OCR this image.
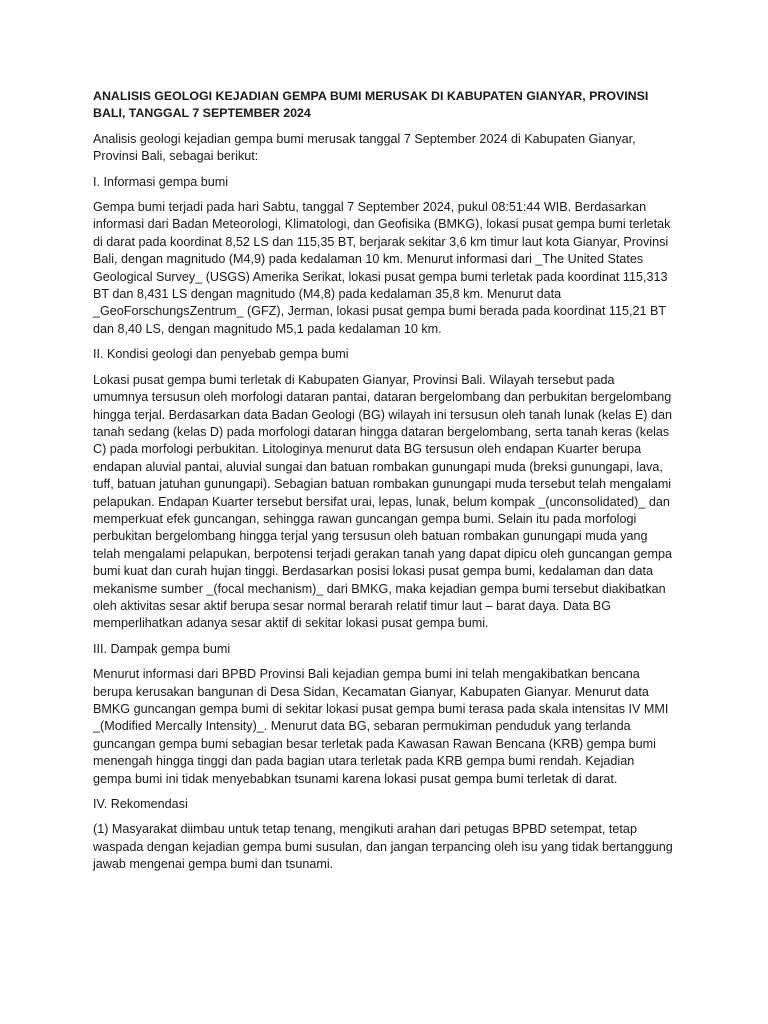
ANALISIS GEOLOGI KEJADIAN GEMPA BUMI MERUSAK DI KABUPATEN GIANYAR, PROVINSI BALI, TANGGAL 7 SEPTEMBER 2024

Analisis geologi kejadian gempa bumi merusak tanggal 7 September 2024 di Kabupaten Gianyar, Provinsi Bali, sebagai berikut:

I. Informasi gempa bumi

Gempa bumi terjadi pada hari Sabtu, tanggal 7 September 2024, pukul 08:51:44 WIB. Berdasarkan informasi dari Badan Meteorologi, Klimatologi, dan Geofisika (BMKG), lokasi pusat gempa bumi terletak di darat pada koordinat 8,52 LS dan 115,35 BT, berjarak sekitar 3,6 km timur laut kota Gianyar, Provinsi Bali, dengan magnitudo (M4,9) pada kedalaman 10 km. Menurut informasi dari _The United States Geological Survey_ (USGS) Amerika Serikat, lokasi pusat gempa bumi terletak pada koordinat 115,313 BT dan 8,431 LS dengan magnitudo (M4,8) pada kedalaman 35,8 km. Menurut data _GeoForschungsZentrum_ (GFZ), Jerman, lokasi pusat gempa bumi berada pada koordinat 115,21 BT dan 8,40 LS, dengan magnitudo M5,1 pada kedalaman 10 km.

II. Kondisi geologi dan penyebab gempa bumi

Lokasi pusat gempa bumi terletak di Kabupaten Gianyar, Provinsi Bali. Wilayah tersebut pada umumnya tersusun oleh morfologi dataran pantai, dataran bergelombang dan perbukitan bergelombang hingga terjal. Berdasarkan data Badan Geologi (BG) wilayah ini tersusun oleh tanah lunak (kelas E) dan tanah sedang (kelas D) pada morfologi dataran hingga dataran bergelombang, serta tanah keras (kelas C) pada morfologi perbukitan. Litologinya menurut data BG tersusun oleh endapan Kuarter berupa endapan aluvial pantai, aluvial sungai dan batuan rombakan gunungapi muda (breksi gunungapi, lava, tuff, batuan jatuhan gunungapi). Sebagian batuan rombakan gunungapi muda tersebut telah mengalami pelapukan. Endapan Kuarter tersebut bersifat urai, lepas, lunak, belum kompak _(unconsolidated)_ dan memperkuat efek guncangan, sehingga rawan guncangan gempa bumi. Selain itu pada morfologi perbukitan bergelombang hingga terjal yang tersusun oleh batuan rombakan gunungapi muda yang telah mengalami pelapukan, berpotensi terjadi gerakan tanah yang dapat dipicu oleh guncangan gempa bumi kuat dan curah hujan tinggi. Berdasarkan posisi lokasi pusat gempa bumi, kedalaman dan data mekanisme sumber _(focal mechanism)_ dari BMKG, maka kejadian gempa bumi tersebut diakibatkan oleh aktivitas sesar aktif berupa sesar normal berarah relatif timur laut – barat daya. Data BG memperlihatkan adanya sesar aktif di sekitar lokasi pusat gempa bumi.

III. Dampak gempa bumi

Menurut informasi dari BPBD Provinsi Bali kejadian gempa bumi ini telah mengakibatkan bencana berupa kerusakan bangunan di Desa Sidan, Kecamatan Gianyar, Kabupaten Gianyar. Menurut data BMKG guncangan gempa bumi di sekitar lokasi pusat gempa bumi terasa pada skala intensitas IV MMI _(Modified Mercally Intensity)_. Menurut data BG, sebaran permukiman penduduk yang terlanda guncangan gempa bumi sebagian besar terletak pada Kawasan Rawan Bencana (KRB) gempa bumi menengah hingga tinggi dan pada bagian utara terletak pada KRB gempa bumi rendah. Kejadian gempa bumi ini tidak menyebabkan tsunami karena lokasi pusat gempa bumi terletak di darat.

IV. Rekomendasi

(1) Masyarakat diimbau untuk tetap tenang, mengikuti arahan dari petugas BPBD setempat, tetap waspada dengan kejadian gempa bumi susulan, dan jangan terpancing oleh isu yang tidak bertanggung jawab mengenai gempa bumi dan tsunami.
